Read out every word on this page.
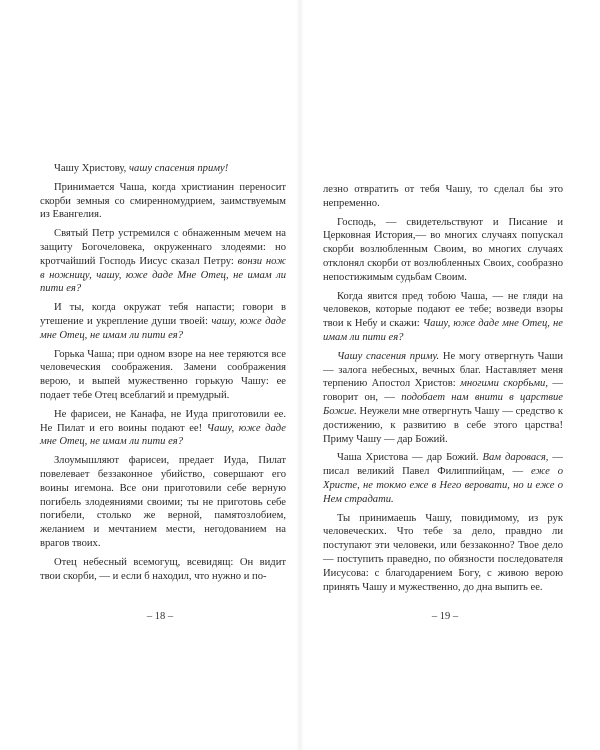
Чашу Христову, чашу спасения приму!

Принимается Чаша, когда христианин переносит скорби земныя со смиренномудрием, заимствуемым из Евангелия.

Святый Петр устремился с обнаженным мечем на защиту Богочеловека, окруженнаго злодеями: но кротчайший Господь Иисус сказал Петру: вонзи нож в ножницу, чашу, юже даде Мне Отец, не имам ли пити ея?

И ты, когда окружат тебя напасти; говори в утешение и укрепление души твоей: чашу, юже даде мне Отец, не имам ли пити ея?

Горька Чаша; при одном взоре на нее теряются все человеческия соображения. Замени соображения верою, и выпей мужественно горькую Чашу: ее подает тебе Отец всеблагий и премудрый.

Не фарисеи, не Канафа, не Иуда приготовили ее. Не Пилат и его воины подают ее! Чашу, юже даде мне Отец, не имам ли пити ея?

Злоумышляют фарисеи, предает Иуда, Пилат повелевает беззаконное убийство, совершают его воины игемона. Все они приготовили себе верную погибель злодеяниями своими; ты не приготовь себе погибели, столько же верной, памятозлобием, желанием и мечтанием мести, негодованием на врагов твоих.

Отец небесный всемогущ, всевидящ: Он видит твои скорби, — и если б находил, что нужно и по-

– 18 –

лезно отвратить от тебя Чашу, то сделал бы это непременно.

Господь, — свидетельствуют и Писание и Церковная История,— во многих случаях попускал скорби возлюбленным Своим, во многих случаях отклонял скорби от возлюбленных Своих, сообразно непостижимым судьбам Своим.

Когда явится пред тобою Чаша, — не гляди на человеков, которые подают ее тебе; возведи взоры твои к Небу и скажи: Чашу, юже даде мне Отец, не имам ли пити ея?

Чашу спасения приму. Не могу отвергнуть Чаши — залога небесных, вечных благ. Наставляет меня терпению Апостол Христов: многими скорбьми, — говорит он, — подобает нам внити в царствие Божие. Неужели мне отвергнуть Чашу — средство к достижению, к развитию в себе этого царства! Приму Чашу — дар Божий.

Чаша Христова — дар Божий. Вам даровася, — писал великий Павел Филиппийцам, — еже о Христе, не токмо еже в Него веровати, но и еже о Нем страдати.

Ты принимаешь Чашу, повидимому, из рук человеческих. Что тебе за дело, правдно ли поступают эти человеки, или беззаконно? Твое дело — поступить праведно, по обязности последователя Иисусова: с благодарением Богу, с живою верою принять Чашу и мужественно, до дна выпить ее.

– 19 –
